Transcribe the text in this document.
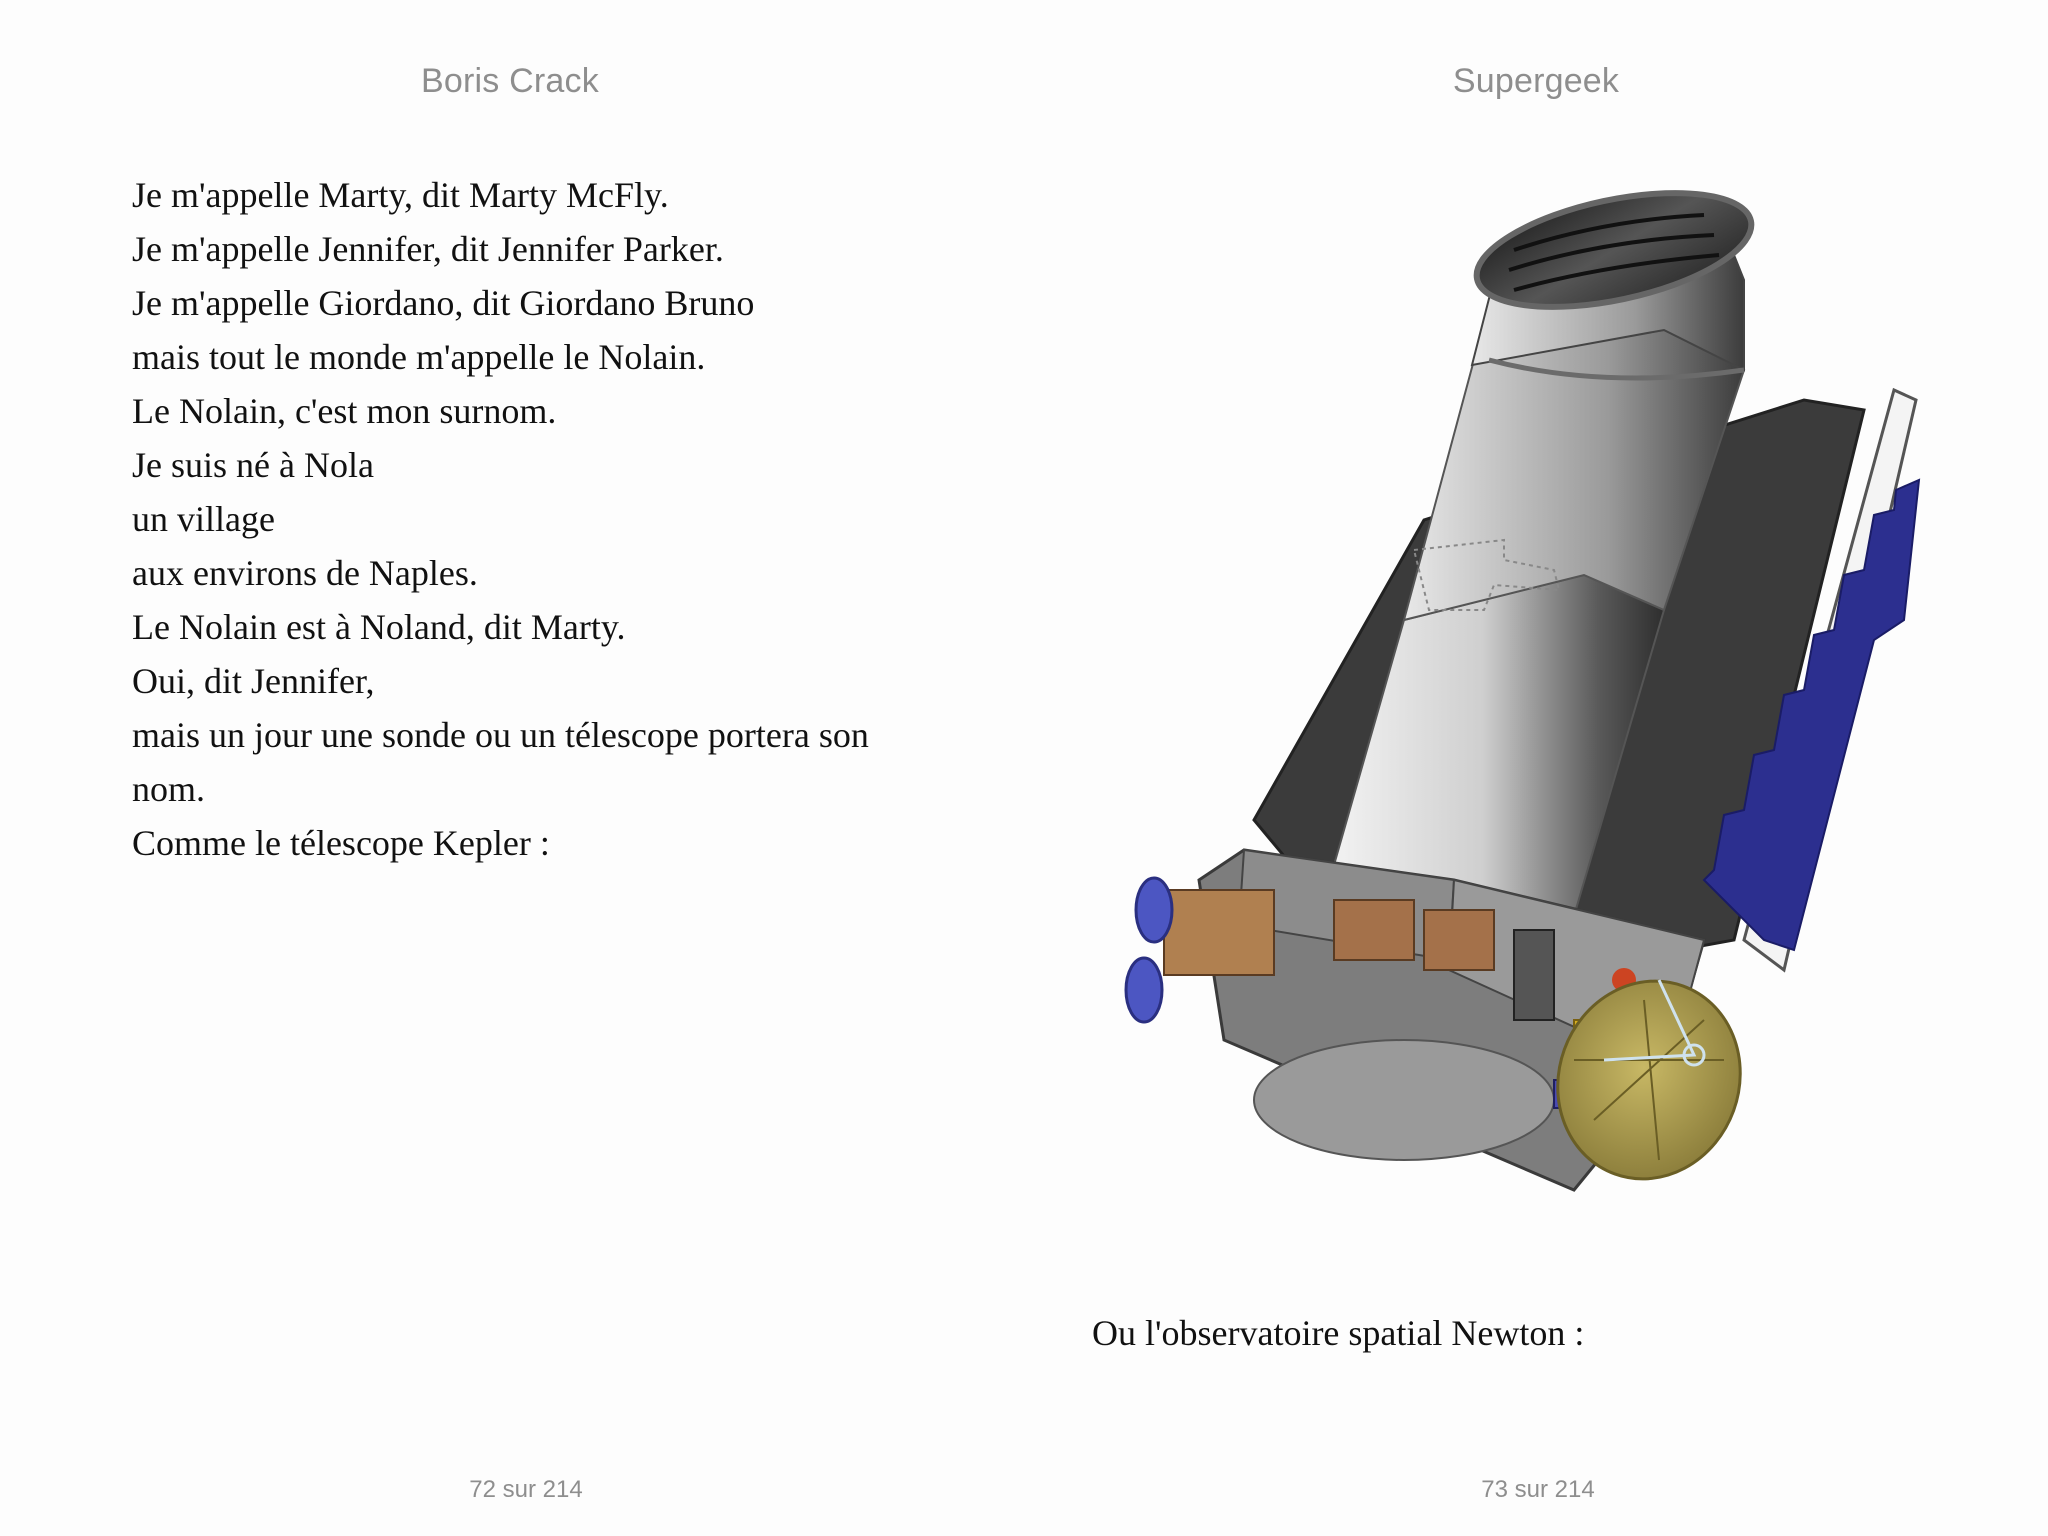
Boris Crack
Je m'appelle Marty, dit Marty McFly.
Je m'appelle Jennifer, dit Jennifer Parker.
Je m'appelle Giordano, dit Giordano Bruno
mais tout le monde m'appelle le Nolain.
Le Nolain, c'est mon surnom.
Je suis né à Nola
un village
aux environs de Naples.
Le Nolain est à Noland, dit Marty.
Oui, dit Jennifer,
mais un jour une sonde ou un télescope portera son
nom.
Comme le télescope Kepler :
72 sur 214
Supergeek
Ou l'observatoire spatial Newton :
73 sur 214
